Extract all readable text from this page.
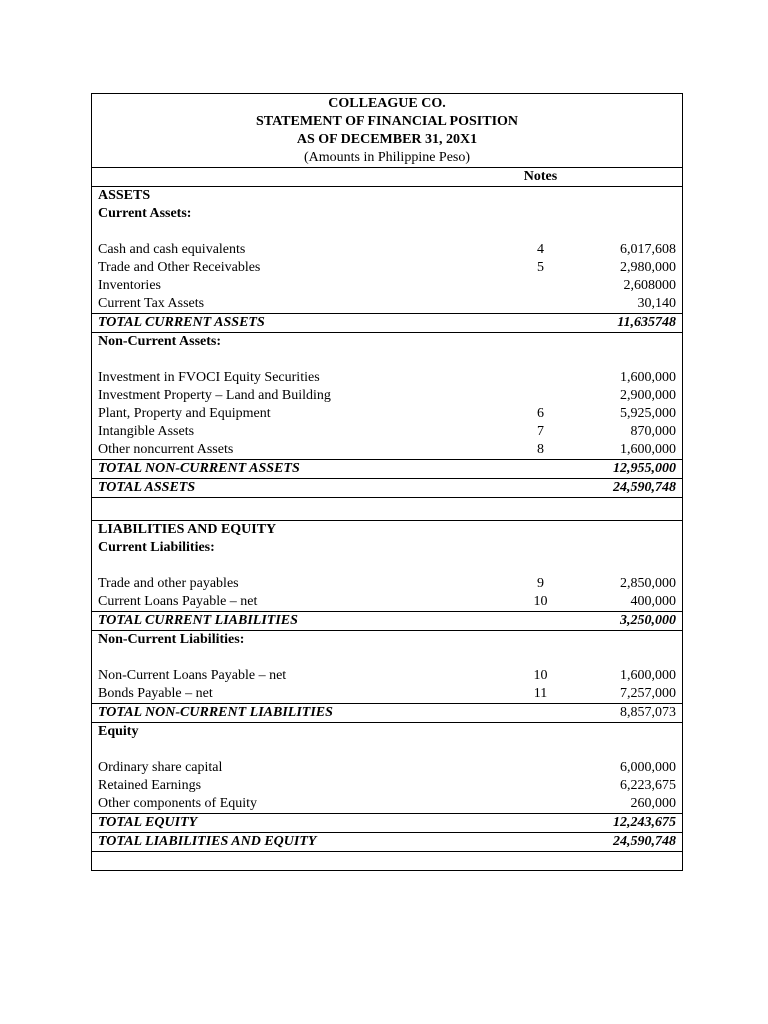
COLLEAGUE CO.
STATEMENT OF FINANCIAL POSITION
AS OF DECEMBER 31, 20X1
(Amounts in Philippine Peso)
Notes
ASSETS
Current Assets:
Cash and cash equivalents	4	6,017,608
Trade and Other Receivables	5	2,980,000
Inventories	2,608000
Current Tax Assets	30,140
TOTAL CURRENT ASSETS	11,635748
Non-Current Assets:
Investment in FVOCI Equity Securities	1,600,000
Investment Property – Land and Building	2,900,000
Plant, Property and Equipment	6	5,925,000
Intangible Assets	7	870,000
Other noncurrent Assets	8	1,600,000
TOTAL NON-CURRENT ASSETS	12,955,000
TOTAL ASSETS	24,590,748
LIABILITIES AND EQUITY
Current Liabilities:
Trade and other payables	9	2,850,000
Current Loans Payable – net	10	400,000
TOTAL CURRENT LIABILITIES	3,250,000
Non-Current Liabilities:
Non-Current Loans Payable – net	10	1,600,000
Bonds Payable – net	11	7,257,000
TOTAL NON-CURRENT LIABILITIES	8,857,073
Equity
Ordinary share capital	6,000,000
Retained Earnings	6,223,675
Other components of Equity	260,000
TOTAL EQUITY	12,243,675
TOTAL LIABILITIES AND EQUITY	24,590,748
